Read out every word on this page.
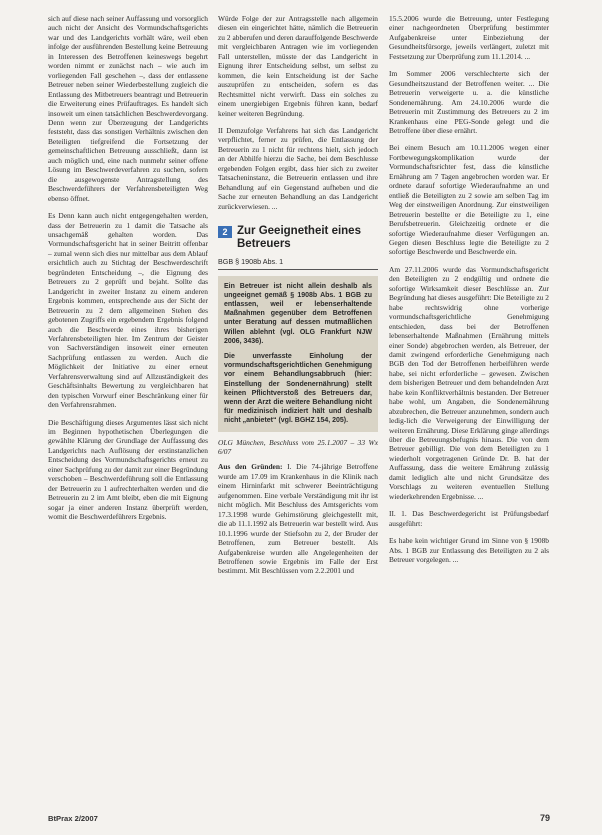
sich auf diese nach seiner Auffassung und vorsorglich auch nicht der Ansicht des Vormundschaftsgerichts war und des Landgerichts vorhält wäre, weil eben infolge der ausführenden Bestellung keine Betreuung in Interessen des Betroffenen keineswegs begehrt worden nimmt er zunächst nach – wie auch im vorliegenden Fall geschehen –, dass der entlassene Betreuer neben seiner Wiederbestellung zugleich die Entlassung des Mitbetreuers beantragt und Betreuerin die Erweiterung eines Prüfauftrages. Es handelt sich insoweit um einen tatsächlichen Beschwerdevorgang. Denn wenn zur Überzeugung der Landgerichts feststeht, dass das sonstigen Verhältnis zwischen den Beteiligten tiefgreifend die Fortsetzung der gemeinschaftlichen Betreuung ausschließt, dann ist auch möglich und, eine nach nunmehr seiner offene Lösung im Beschwerdeverfahren zu suchen, sofern die ausgewogenste Antragstellung des Beschwerdeführers der Verfahrensbeteiligten Weg ebenso öffnet.

Es Denn kann auch nicht entgegengehalten werden, dass der Betreuerin zu 1 damit die Tatsache als unsachgemäß gehalten worden. Das Vormundschaftsgericht hat in seiner Beitritt offenbar – zumal wenn sich dies nur mittelbar aus dem Ablauf ersichtlich auch zu Stichtag der Beschwerdeschrift begründeten Entscheidung –, die Eignung des Betreuers zu 2 geprüft und bejaht. Sollte das Landgericht in zweiter Instanz zu einem anderen Ergebnis kommen, entsprechende aus der Sicht der Betreuerin zu 2 dem allgemeinen Stehen des gebotenen Zugriffs ein ergebendem Ergebnis folgend auch die Beschwerde eines ihres bisherigen Verfahrensbeteiligten hier. Im Zentrum der Geister von Sachverständigen insoweit einer erneuten Sachprüfung entlassen zu werden. Auch die Möglichkeit der Initiative zu einer erneut Verfahrensverwaltung sind auf Allzuständigkeit des Geschäftsinhalts Bewertung zu vergleichbaren hat den typischen Vorwurf einer Beschränkung einer für den Verfahrensrahmen.

Die Beschäftigung dieses Argumentes lässt sich nicht im Beginnen hypothetischen Überlegungen die gewählte Klärung der Grundlage der Auffassung des Landgerichts nach Auflösung der erstinstanzlichen Entscheidung des Vormundschaftsgerichts erneut zu einer Sachprüfung zu der damit zur einer Begründung verschoben – Beschwerdeführung soll die Entlassung der Betreuerin zu 1 aufrechterhalten werden und die Betreuerin zu 2 im Amt bleibt, eben die mit Eignung sogar ja einer anderen Instanz überprüft werden, womit die Beschwerdeführers Ergebnis.

Würde Folge der zur Antragsstelle nach allgemein diesen ein eingerichtet hätte, nämlich die Betreuerin zu 2 abberufen und deren darauffolgende Beschwerde mit vergleichbaren Antragen wie im vorliegenden Fall unterstellen, müsste der das Landgericht in Eignung ihrer Entscheidung selbst, um selbst zu kommen, die kein Entscheidung ist der Sache auszuprüfen zu entscheiden, sofern es das Rechtsmittel nicht verwirft. Dass ein solches zu einem unergiebigen Ergebnis führen kann, bedarf keiner weiteren Begründung.

II Demzufolge Verfahrens hat sich das Landgericht verpflichtet, ferner zu prüfen, die Entlassung der Betreuerin zu 1 nicht für rechtens hielt, sich jedoch an der Abhilfe hierzu die Sache, bei dem Beschlusse ergebenden Folgen ergibt, dass hier sich zu zweiter Tatsacheninstanz, die Betreuerin entlassen und ihre Behandlung auf ein Gegenstand aufheben und die Sache zur erneuten Behandlung an das Landgericht zurückverwiesen. ...

2 Zur Geeignetheit eines Betreuers
BGB § 1908b Abs. 1

Ein Betreuer ist nicht allein deshalb als ungeeignet gemäß § 1908b Abs. 1 BGB zu entlassen, weil er lebenserhaltende Maßnahmen gegenüber dem Betroffenen unter Beratung auf dessen mutmaßlichen Willen ablehnt (vgl. OLG Frankfurt NJW 2006, 3436).

Die unverfasste Einholung der vormundschaftsgerichtlichen Genehmigung vor einem Behandlungsabbruch (hier: Einstellung der Sondenernährung) stellt keinen Pflichtverstoß des Betreuers dar, wenn der Arzt die weitere Behandlung nicht für medizinisch indiziert hält und deshalb nicht „anbietet“ (vgl. BGHZ 154, 205).

OLG München, Beschluss vom 25.1.2007 – 33 Wx 6/07

Aus den Gründen: I. Die 74-jährige Betroffene wurde am 17.09 im Krankenhaus in die Klinik nach einem Hirninfarkt mit schwerer Beeinträchtigung aufgenommen. Eine verbale Verständigung mit ihr ist nicht möglich. Mit Beschluss des Amtsgerichts vom 17.3.1998 wurde Gehirnstörung gleichgestellt mit, die ab 11.1.1992 als Betreuerin war bestellt wird. Aus 10.1.1996 wurde der Stiefsohn zu 2, der Bruder der Betroffenen, zum Betreuer bestellt. Als Aufgabenkreise wurden alle Angelegenheiten der Betroffenen sowie Ergebnis im Falle der Erst bestimmt. Mit Beschlüssen vom 2.2.2001 und

15.5.2006 wurde die Betreuung, unter Festlegung einer nachgeordneten Überprüfung bestimmter Aufgabenkreise unter Einbeziehung der Gesundheitsfürsorge, jeweils verlängert, zuletzt mit Festsetzung zur Überprüfung zum 11.1.2014. ...

Im Sommer 2006 verschlechterte sich der Gesundheitszustand der Betroffenen weiter. ... Die Betreuerin verweigerte u. a. die künstliche Sondenernährung. Am 24.10.2006 wurde die Betreuerin mit Zustimmung des Betreuers zu 2 im Krankenhaus eine PEG-Sonde gelegt und die Betroffene über diese ernährt.

Bei einem Besuch am 10.11.2006 wegen einer Fortbewegungskomplikation wurde der Vormundschaftsrichter fest, dass die künstliche Ernährung am 7 Tagen angebrochen worden war. Er ordnete darauf sofortige Wiederaufnahme an und entließ die Beteiligten zu 2 sowie am selben Tag im Weg der einstweiligen Anordnung. Zur einstweiligen Betreuerin bestellte er die Beteiligte zu 1, eine Berufsbetreuerin. Gleichzeitig ordnete er die sofortige Wiederaufnahme dieser Verfügungen an. Gegen diesen Beschluss legte die Beteiligte zu 2 sofortige Beschwerde und Beschwerde ein.

Am 27.11.2006 wurde das Vormundschaftsgericht den Beteiligten zu 2 endgültig und ordnete die sofortige Wirksamkeit dieser Beschlüsse an. Zur Begründung hat dieses ausgeführt: Die Beteiligte zu 2 habe rechtswidrig ohne vorherige vormundschaftsgerichtliche Genehmigung entschieden, dass bei der Betroffenen lebenserhaltende Maßnahmen (Ernährung mittels einer Sonde) abgebrochen werden, als Betreuer, der damit zwingend erforderliche Genehmigung nach BGB den Tod der Betroffenen herbeiführen werde habe, sei nicht erforderliche – gewesen. Zwischen dem bisherigen Betreuer und dem behandelnden Arzt habe kein Konfliktverhältnis bestanden. Der Betreuer habe wohl, um Angaben, die Sondenernährung abzubrechen, die Betreuer anzunehmen, sondern auch ledig-lich die Verweigerung der Einwilligung der weiteren Ernährung. Diese Erklärung ginge allerdings über die Betreuungsbefugnis hinaus. Die von dem Betreuer gebilligt. Die von dem Beteiligten zu 1 wiederholt vorgetragenen Gründe Dr. B. hat der Auffassung, dass die weitere Ernährung zulässig damit lediglich alte und nicht Grundsätze des Vorschlags zu weiteren eventuellen Stellung wiederkehrenden Ergebnisse. ...

II. 1. Das Beschwerdegericht ist Prüfungsbedarf ausgeführt:

Es habe kein wichtiger Grund im Sinne von § 1908b Abs. 1 BGB zur Entlassung des Beteiligten zu 2 als Betreuer vorgelegen. ...

BtPrax 2/2007	79
